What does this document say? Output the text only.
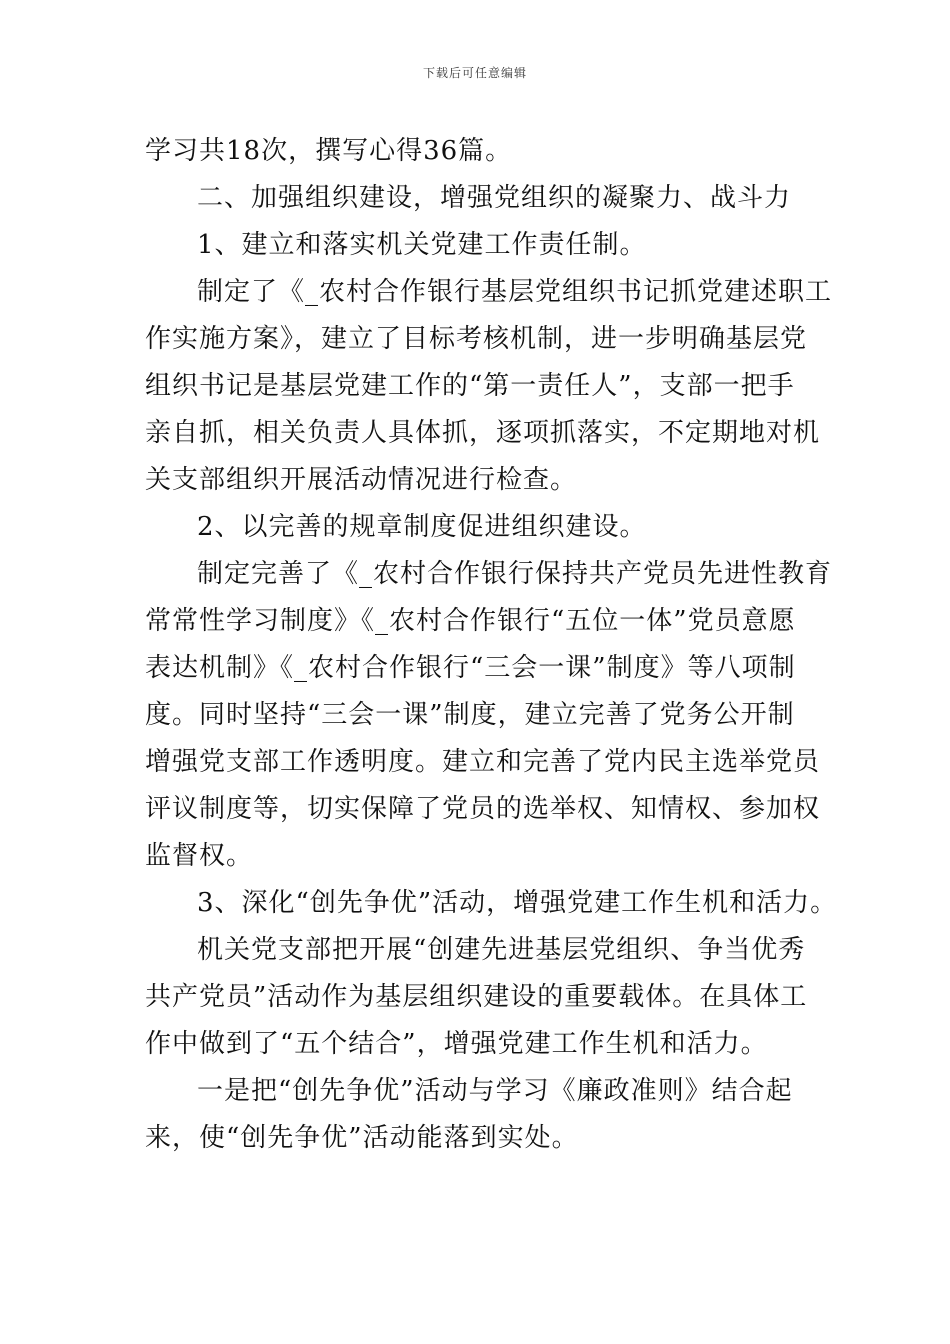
下载后可任意编辑
学习共18次，撰写心得36篇。
二、加强组织建设，增强党组织的凝聚力、战斗力
1、建立和落实机关党建工作责任制。
制定了《_农村合作银行基层党组织书记抓党建述职工
作实施方案》，建立了目标考核机制，进一步明确基层党
组织书记是基层党建工作的“第一责任人”，支部一把手
亲自抓，相关负责人具体抓，逐项抓落实，不定期地对机
关支部组织开展活动情况进行检查。
2、以完善的规章制度促进组织建设。
制定完善了《_农村合作银行保持共产党员先进性教育
常常性学习制度》《_农村合作银行“五位一体”党员意愿
表达机制》《_农村合作银行“三会一课”制度》等八项制
度。同时坚持“三会一课”制度，建立完善了党务公开制
增强党支部工作透明度。建立和完善了党内民主选举党员
评议制度等，切实保障了党员的选举权、知情权、参加权
监督权。
3、深化“创先争优”活动，增强党建工作生机和活力。
机关党支部把开展“创建先进基层党组织、争当优秀
共产党员”活动作为基层组织建设的重要载体。在具体工
作中做到了“五个结合”，增强党建工作生机和活力。
一是把“创先争优”活动与学习《廉政准则》结合起
来，使“创先争优”活动能落到实处。
